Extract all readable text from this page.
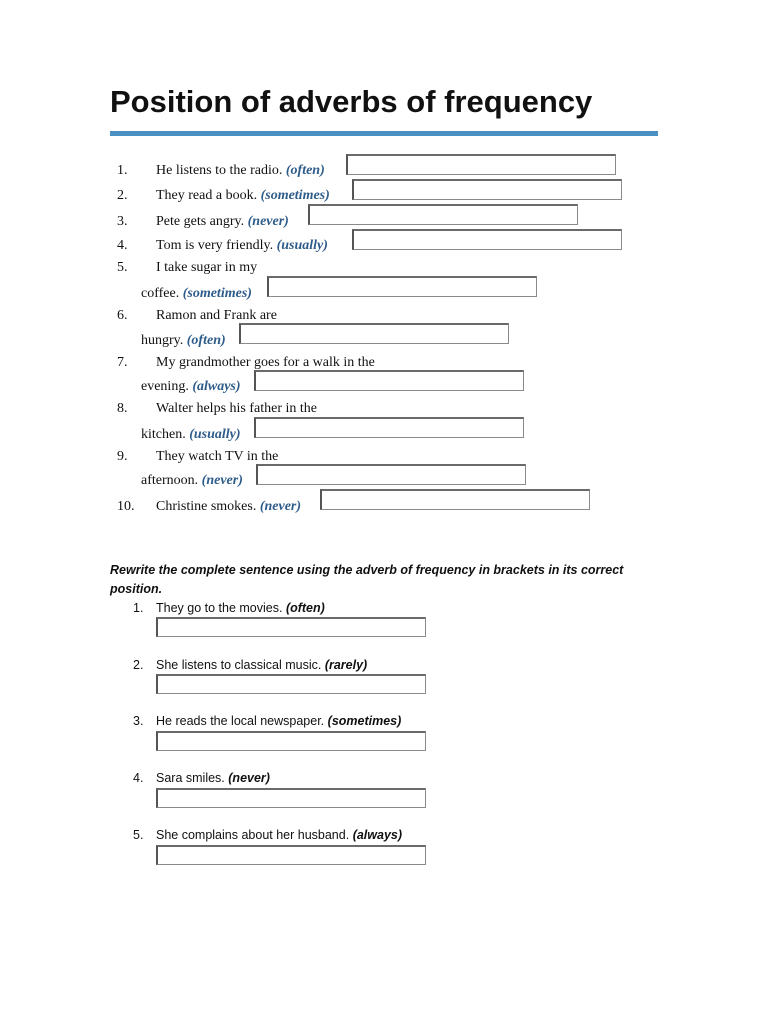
Position of adverbs of frequency
1. He listens to the radio. (often)
2. They read a book. (sometimes)
3. Pete gets angry. (never)
4. Tom is very friendly. (usually)
5. I take sugar in my
coffee. (sometimes)
6. Ramon and Frank are
hungry. (often)
7. My grandmother goes for a walk in the
evening. (always)
8. Walter helps his father in the
kitchen. (usually)
9. They watch TV in the
afternoon. (never)
10. Christine smokes. (never)

Rewrite the complete sentence using the adverb of frequency in brackets in its correct position.

1. They go to the movies. (often)
2. She listens to classical music. (rarely)
3. He reads the local newspaper. (sometimes)
4. Sara smiles. (never)
5. She complains about her husband. (always)
